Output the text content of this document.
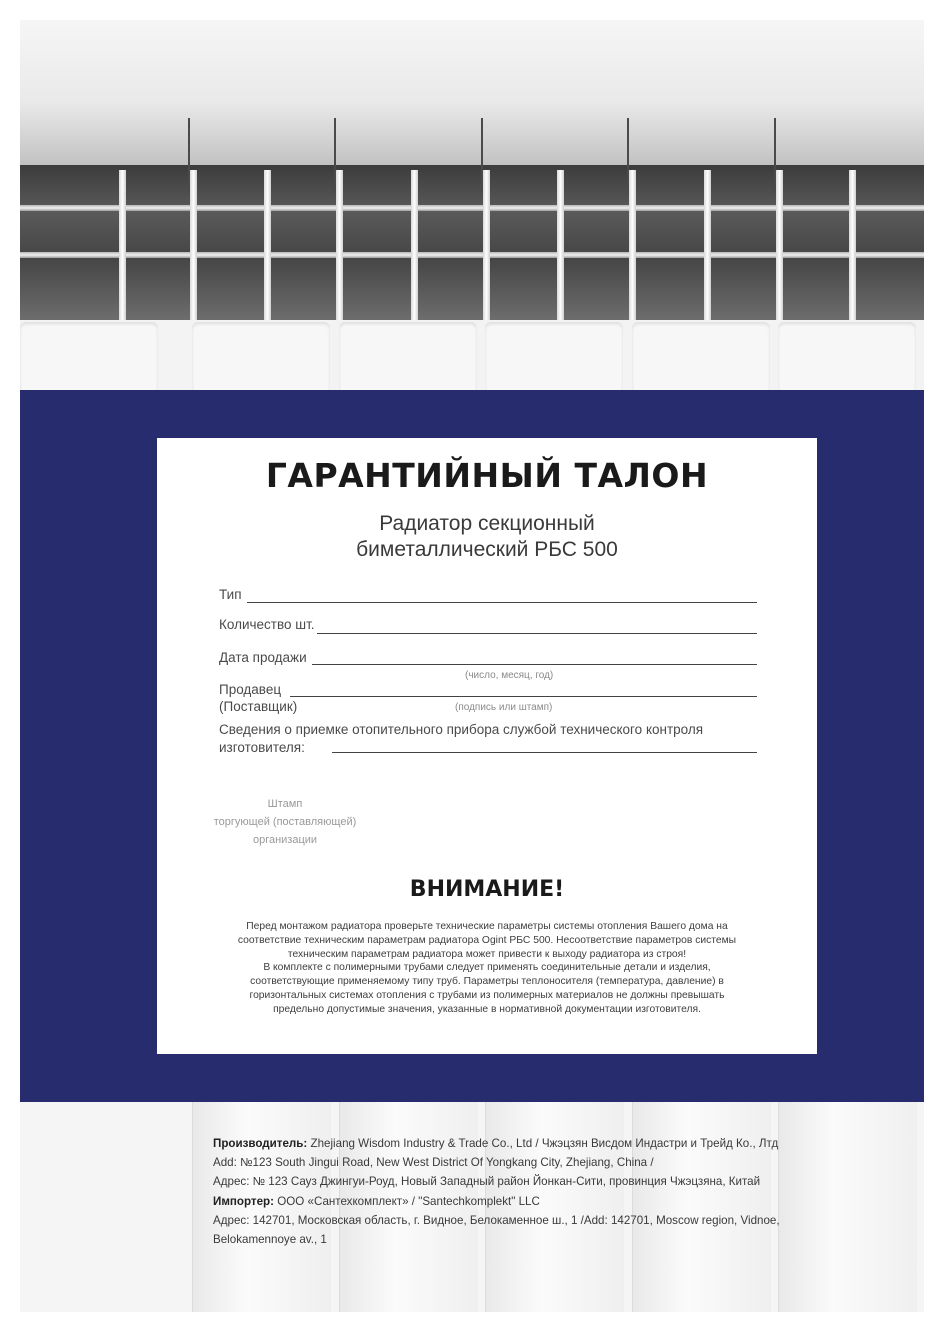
ГАРАНТИЙНЫЙ ТАЛОН
Радиатор секционный
биметаллический РБС 500
Тип
Количество шт.
Дата продажи
(число, месяц, год)
Продавец
(Поставщик)	(подпись или штамп)
Сведения о приемке отопительного прибора службой технического контроля
изготовителя:
Штамп
торгующей (поставляющей)
организации
ВНИМАНИЕ!
Перед монтажом радиатора проверьте технические параметры системы отопления Вашего дома на
соответствие техническим параметрам радиатора Ogint РБС 500. Несоответствие параметров системы
техническим параметрам радиатора может привести к выходу радиатора из строя!
В комплекте с полимерными трубами следует применять соединительные детали и изделия,
соответствующие применяемому типу труб. Параметры теплоносителя (температура, давление) в
горизонтальных системах отопления с трубами из полимерных материалов не должны превышать
предельно допустимые значения, указанные в нормативной документации изготовителя.
Производитель: Zhejiang Wisdom Industry & Trade Co., Ltd / Чжэцзян Висдом Индастри и Трейд Ко., Лтд
Add: №123 South Jingui Road, New West District Of Yongkang City, Zhejiang, China /
Адрес: № 123 Сауз Джингуи-Роуд, Новый Западный район Йонкан-Сити, провинция Чжэцзяна, Китай
Импортер: ООО «Сантехкомплект» / "Santechkomplekt" LLC
Адрес: 142701, Московская область, г. Видное, Белокаменное ш., 1 /Add: 142701, Moscow region, Vidnoe,
Belokamennoye av., 1
